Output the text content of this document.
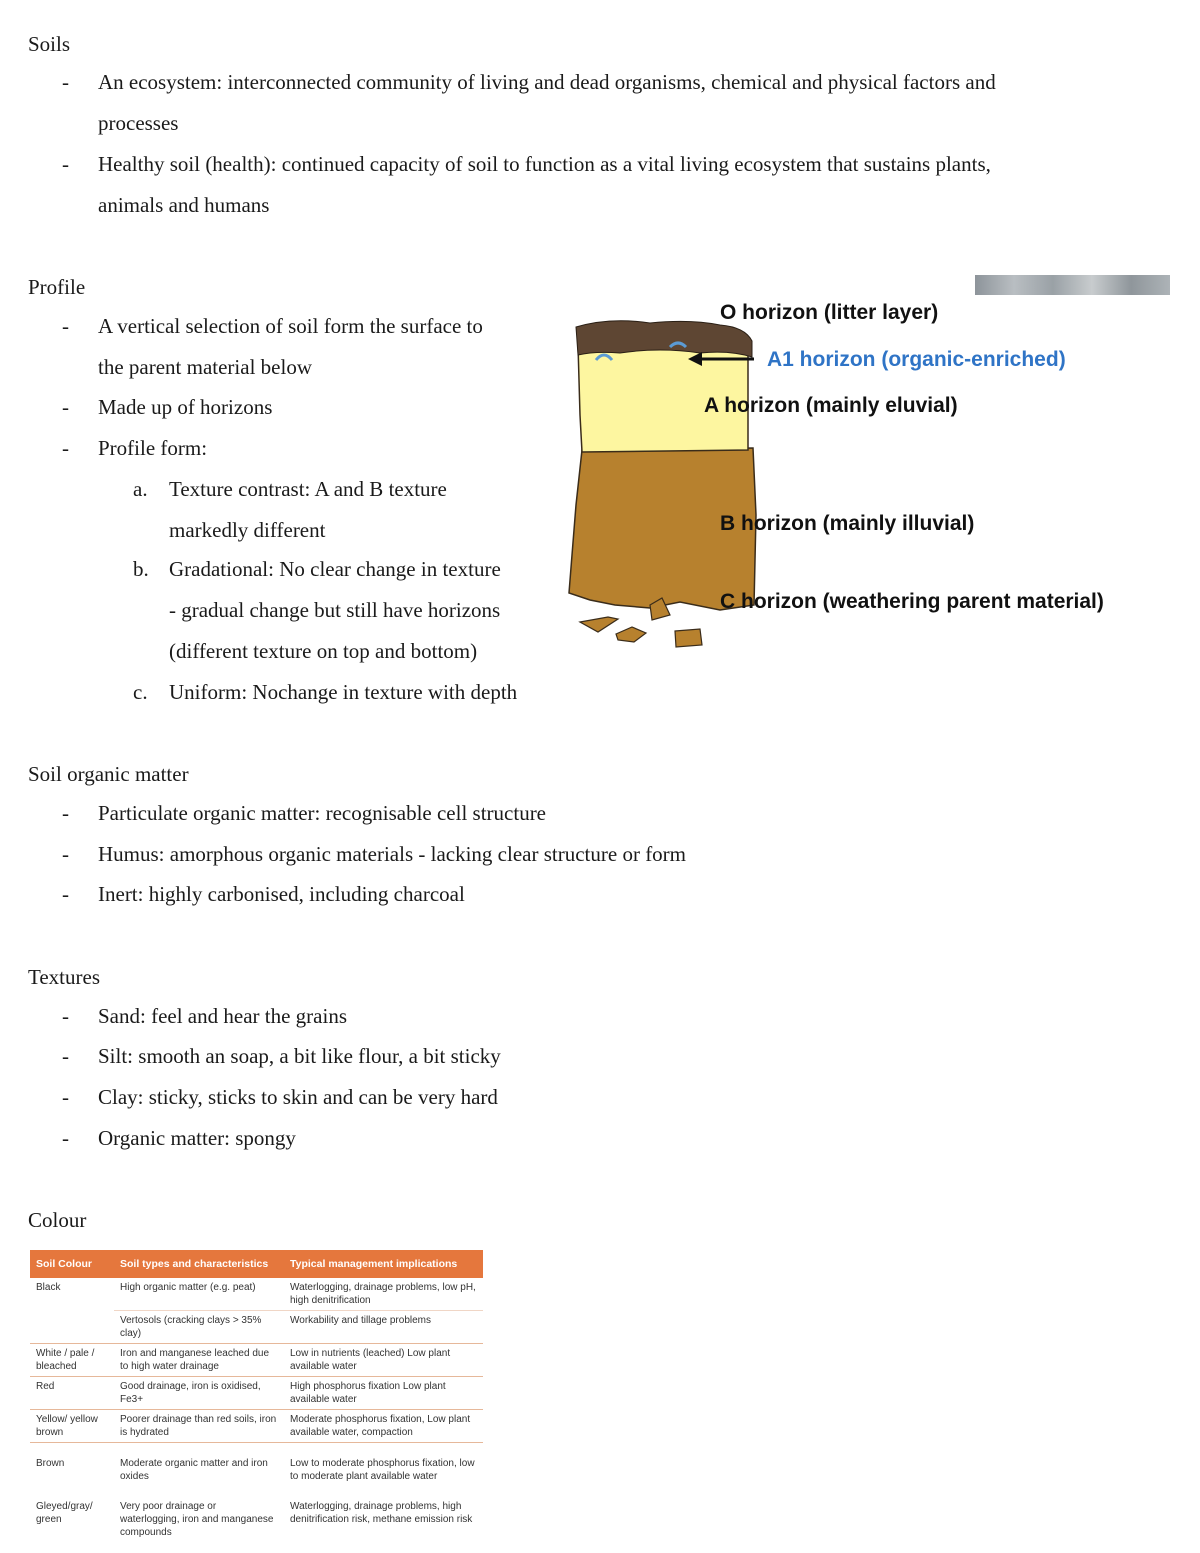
Soils
- An ecosystem: interconnected community of living and dead organisms, chemical and physical factors and
processes
- Healthy soil (health): continued capacity of soil to function as a vital living ecosystem that sustains plants,
animals and humans
Profile
- A vertical selection of soil form the surface to
the parent material below
- Made up of horizons
- Profile form:
a. Texture contrast: A and B texture
markedly different
b. Gradational: No clear change in texture
- gradual change but still have horizons
(different texture on top and bottom)
c. Uniform: Nochange in texture with depth
O horizon (litter layer)
A1 horizon (organic-enriched)
A horizon (mainly eluvial)
B horizon (mainly illuvial)
C horizon (weathering parent material)
Soil organic matter
- Particulate organic matter: recognisable cell structure
- Humus: amorphous organic materials - lacking clear structure or form
- Inert: highly carbonised, including charcoal
Textures
- Sand: feel and hear the grains
- Silt: smooth an soap, a bit like flour, a bit sticky
- Clay: sticky, sticks to skin and can be very hard
- Organic matter: spongy
Colour
Soil Colour	Soil types and characteristics	Typical management implications
Black	High organic matter (e.g. peat)	Waterlogging, drainage problems, low pH, high denitrification
	Vertosols (cracking clays > 35% clay)	Workability and tillage problems
White / pale / bleached	Iron and manganese leached due to high water drainage	Low in nutrients (leached) Low plant available water
Red	Good drainage, iron is oxidised, Fe3+	High phosphorus fixation Low plant available water
Yellow/ yellow brown	Poorer drainage than red soils, iron is hydrated	Moderate phosphorus fixation, Low plant available water, compaction
Brown	Moderate organic matter and iron oxides	Low to moderate phosphorus fixation, low to moderate plant available water
Gleyed/gray/ green	Very poor drainage or waterlogging, iron and manganese compounds	Waterlogging, drainage problems, high denitrification risk, methane emission risk
